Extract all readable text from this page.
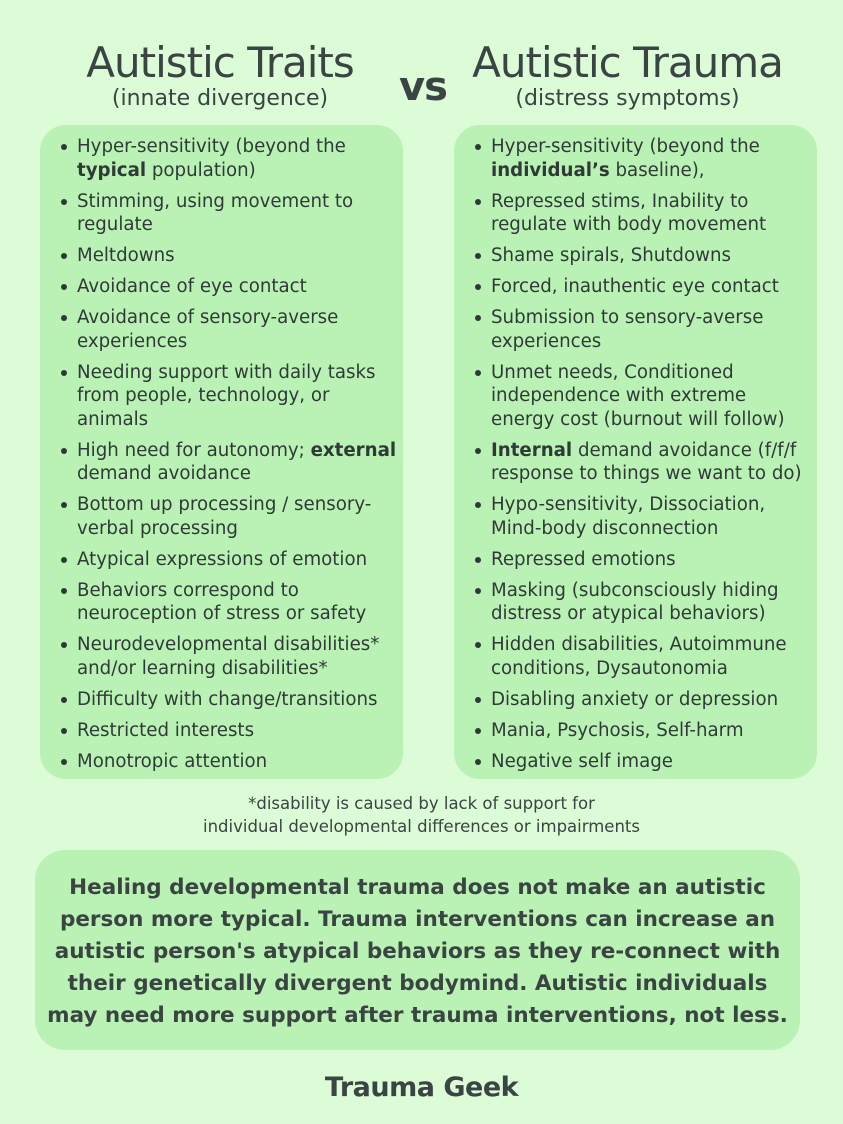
Autistic Traits
(innate divergence)	vs Autistic Trauma
(distress symptoms)
Hyper-sensitivity (beyond the typical population)
Stimming, using movement to regulate
Meltdowns
Avoidance of eye contact
Avoidance of sensory-averse experiences
Needing support with daily tasks from people, technology, or animals
High need for autonomy; external demand avoidance
Bottom up processing / sensory-verbal processing
Atypical expressions of emotion
Behaviors correspond to neuroception of stress or safety
Neurodevelopmental disabilities* and/or learning disabilities*
Difficulty with change/transitions
Restricted interests
Monotropic attention
Hyper-sensitivity (beyond the individual’s baseline),
Repressed stims, Inability to regulate with body movement
Shame spirals, Shutdowns
Forced, inauthentic eye contact
Submission to sensory-averse experiences
Unmet needs, Conditioned independence with extreme energy cost (burnout will follow)
Internal demand avoidance (f/f/f response to things we want to do)
Hypo-sensitivity, Dissociation, Mind-body disconnection
Repressed emotions
Masking (subconsciously hiding distress or atypical behaviors)
Hidden disabilities, Autoimmune conditions, Dysautonomia
Disabling anxiety or depression
Mania, Psychosis, Self-harm
Negative self image
*disability is caused by lack of support for
individual developmental differences or impairments
Healing developmental trauma does not make an autistic person more typical. Trauma interventions can increase an autistic person's atypical behaviors as they re-connect with their genetically divergent bodymind. Autistic individuals may need more support after trauma interventions, not less.
Trauma Geek
